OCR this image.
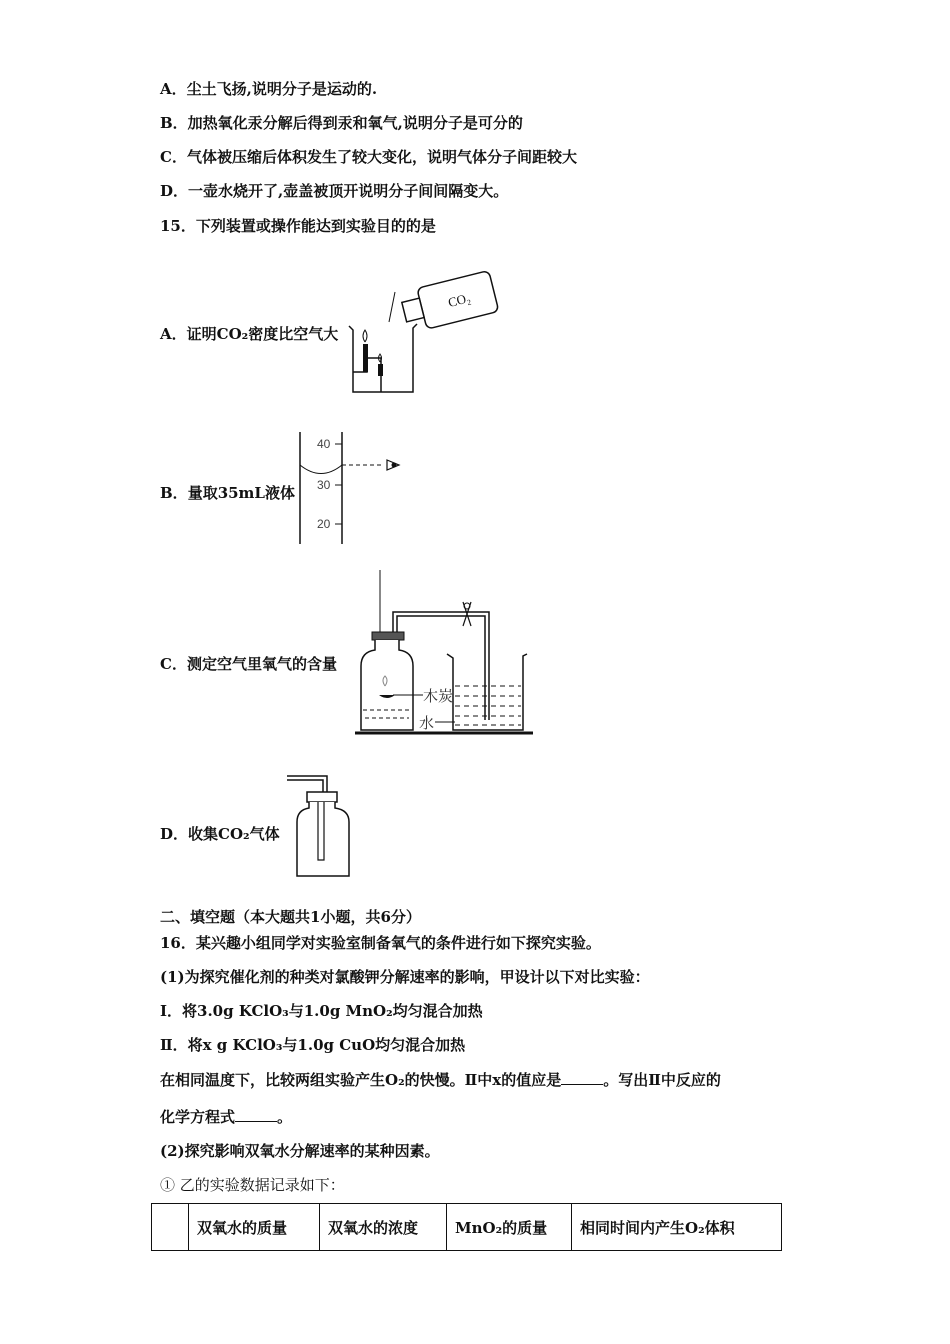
A．尘土飞扬,说明分子是运动的.
B．加热氧化汞分解后得到汞和氧气,说明分子是可分的
C．气体被压缩后体积发生了较大变化，说明气体分子间距较大
D．一壶水烧开了,壶盖被顶开说明分子间间隔变大。
15．下列装置或操作能达到实验目的的是
A．证明CO₂密度比空气大
CO₂
B．量取35mL液体
40
30
20
C．测定空气里氧气的含量
木炭
水
D．收集CO₂气体
二、填空题（本大题共1小题，共6分）
16．某兴趣小组同学对实验室制备氧气的条件进行如下探究实验。
(1)为探究催化剂的种类对氯酸钾分解速率的影响，甲设计以下对比实验：
Ⅰ．将3.0g KClO₃与1.0g MnO₂均匀混合加热
Ⅱ．将x g KClO₃与1.0g CuO均匀混合加热
在相同温度下，比较两组实验产生O₂的快慢。Ⅱ中x的值应是	。写出Ⅱ中反应的
化学方程式	。
(2)探究影响双氧水分解速率的某种因素。
① 乙的实验数据记录如下：
	双氧水的质量	双氧水的浓度	MnO₂的质量	相同时间内产生O₂体积
